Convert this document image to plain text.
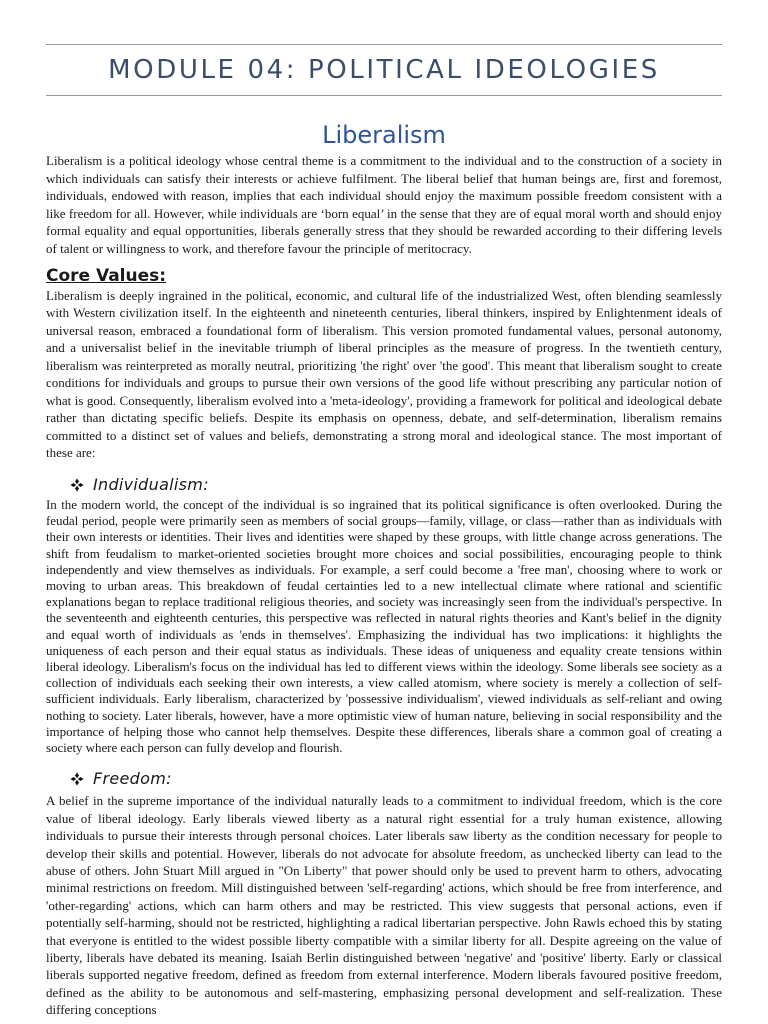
MODULE 04: POLITICAL IDEOLOGIES
Liberalism

Liberalism is a political ideology whose central theme is a commitment to the individual and to the construction of a society in which individuals can satisfy their interests or achieve fulfilment. The liberal belief that human beings are, first and foremost, individuals, endowed with reason, implies that each individual should enjoy the maximum possible freedom consistent with a like freedom for all. However, while individuals are ‘born equal’ in the sense that they are of equal moral worth and should enjoy formal equality and equal opportunities, liberals generally stress that they should be rewarded according to their differing levels of talent or willingness to work, and therefore favour the principle of meritocracy.

Core Values:

Liberalism is deeply ingrained in the political, economic, and cultural life of the industrialized West, often blending seamlessly with Western civilization itself. In the eighteenth and nineteenth centuries, liberal thinkers, inspired by Enlightenment ideals of universal reason, embraced a foundational form of liberalism. This version promoted fundamental values, personal autonomy, and a universalist belief in the inevitable triumph of liberal principles as the measure of progress. In the twentieth century, liberalism was reinterpreted as morally neutral, prioritizing 'the right' over 'the good'. This meant that liberalism sought to create conditions for individuals and groups to pursue their own versions of the good life without prescribing any particular notion of what is good. Consequently, liberalism evolved into a 'meta-ideology', providing a framework for political and ideological debate rather than dictating specific beliefs. Despite its emphasis on openness, debate, and self-determination, liberalism remains committed to a distinct set of values and beliefs, demonstrating a strong moral and ideological stance. The most important of these are:

Individualism:

In the modern world, the concept of the individual is so ingrained that its political significance is often overlooked. During the feudal period, people were primarily seen as members of social groups—family, village, or class—rather than as individuals with their own interests or identities. Their lives and identities were shaped by these groups, with little change across generations. The shift from feudalism to market-oriented societies brought more choices and social possibilities, encouraging people to think independently and view themselves as individuals. For example, a serf could become a 'free man', choosing where to work or moving to urban areas. This breakdown of feudal certainties led to a new intellectual climate where rational and scientific explanations began to replace traditional religious theories, and society was increasingly seen from the individual's perspective. In the seventeenth and eighteenth centuries, this perspective was reflected in natural rights theories and Kant's belief in the dignity and equal worth of individuals as 'ends in themselves'. Emphasizing the individual has two implications: it highlights the uniqueness of each person and their equal status as individuals. These ideas of uniqueness and equality create tensions within liberal ideology. Liberalism's focus on the individual has led to different views within the ideology. Some liberals see society as a collection of individuals each seeking their own interests, a view called atomism, where society is merely a collection of self-sufficient individuals. Early liberalism, characterized by 'possessive individualism', viewed individuals as self-reliant and owing nothing to society. Later liberals, however, have a more optimistic view of human nature, believing in social responsibility and the importance of helping those who cannot help themselves. Despite these differences, liberals share a common goal of creating a society where each person can fully develop and flourish.

Freedom:

A belief in the supreme importance of the individual naturally leads to a commitment to individual freedom, which is the core value of liberal ideology. Early liberals viewed liberty as a natural right essential for a truly human existence, allowing individuals to pursue their interests through personal choices. Later liberals saw liberty as the condition necessary for people to develop their skills and potential. However, liberals do not advocate for absolute freedom, as unchecked liberty can lead to the abuse of others. John Stuart Mill argued in "On Liberty" that power should only be used to prevent harm to others, advocating minimal restrictions on freedom. Mill distinguished between 'self-regarding' actions, which should be free from interference, and 'other-regarding' actions, which can harm others and may be restricted. This view suggests that personal actions, even if potentially self-harming, should not be restricted, highlighting a radical libertarian perspective. John Rawls echoed this by stating that everyone is entitled to the widest possible liberty compatible with a similar liberty for all. Despite agreeing on the value of liberty, liberals have debated its meaning. Isaiah Berlin distinguished between 'negative' and 'positive' liberty. Early or classical liberals supported negative freedom, defined as freedom from external interference. Modern liberals favoured positive freedom, defined as the ability to be autonomous and self-mastering, emphasizing personal development and self-realization. These differing conceptions
